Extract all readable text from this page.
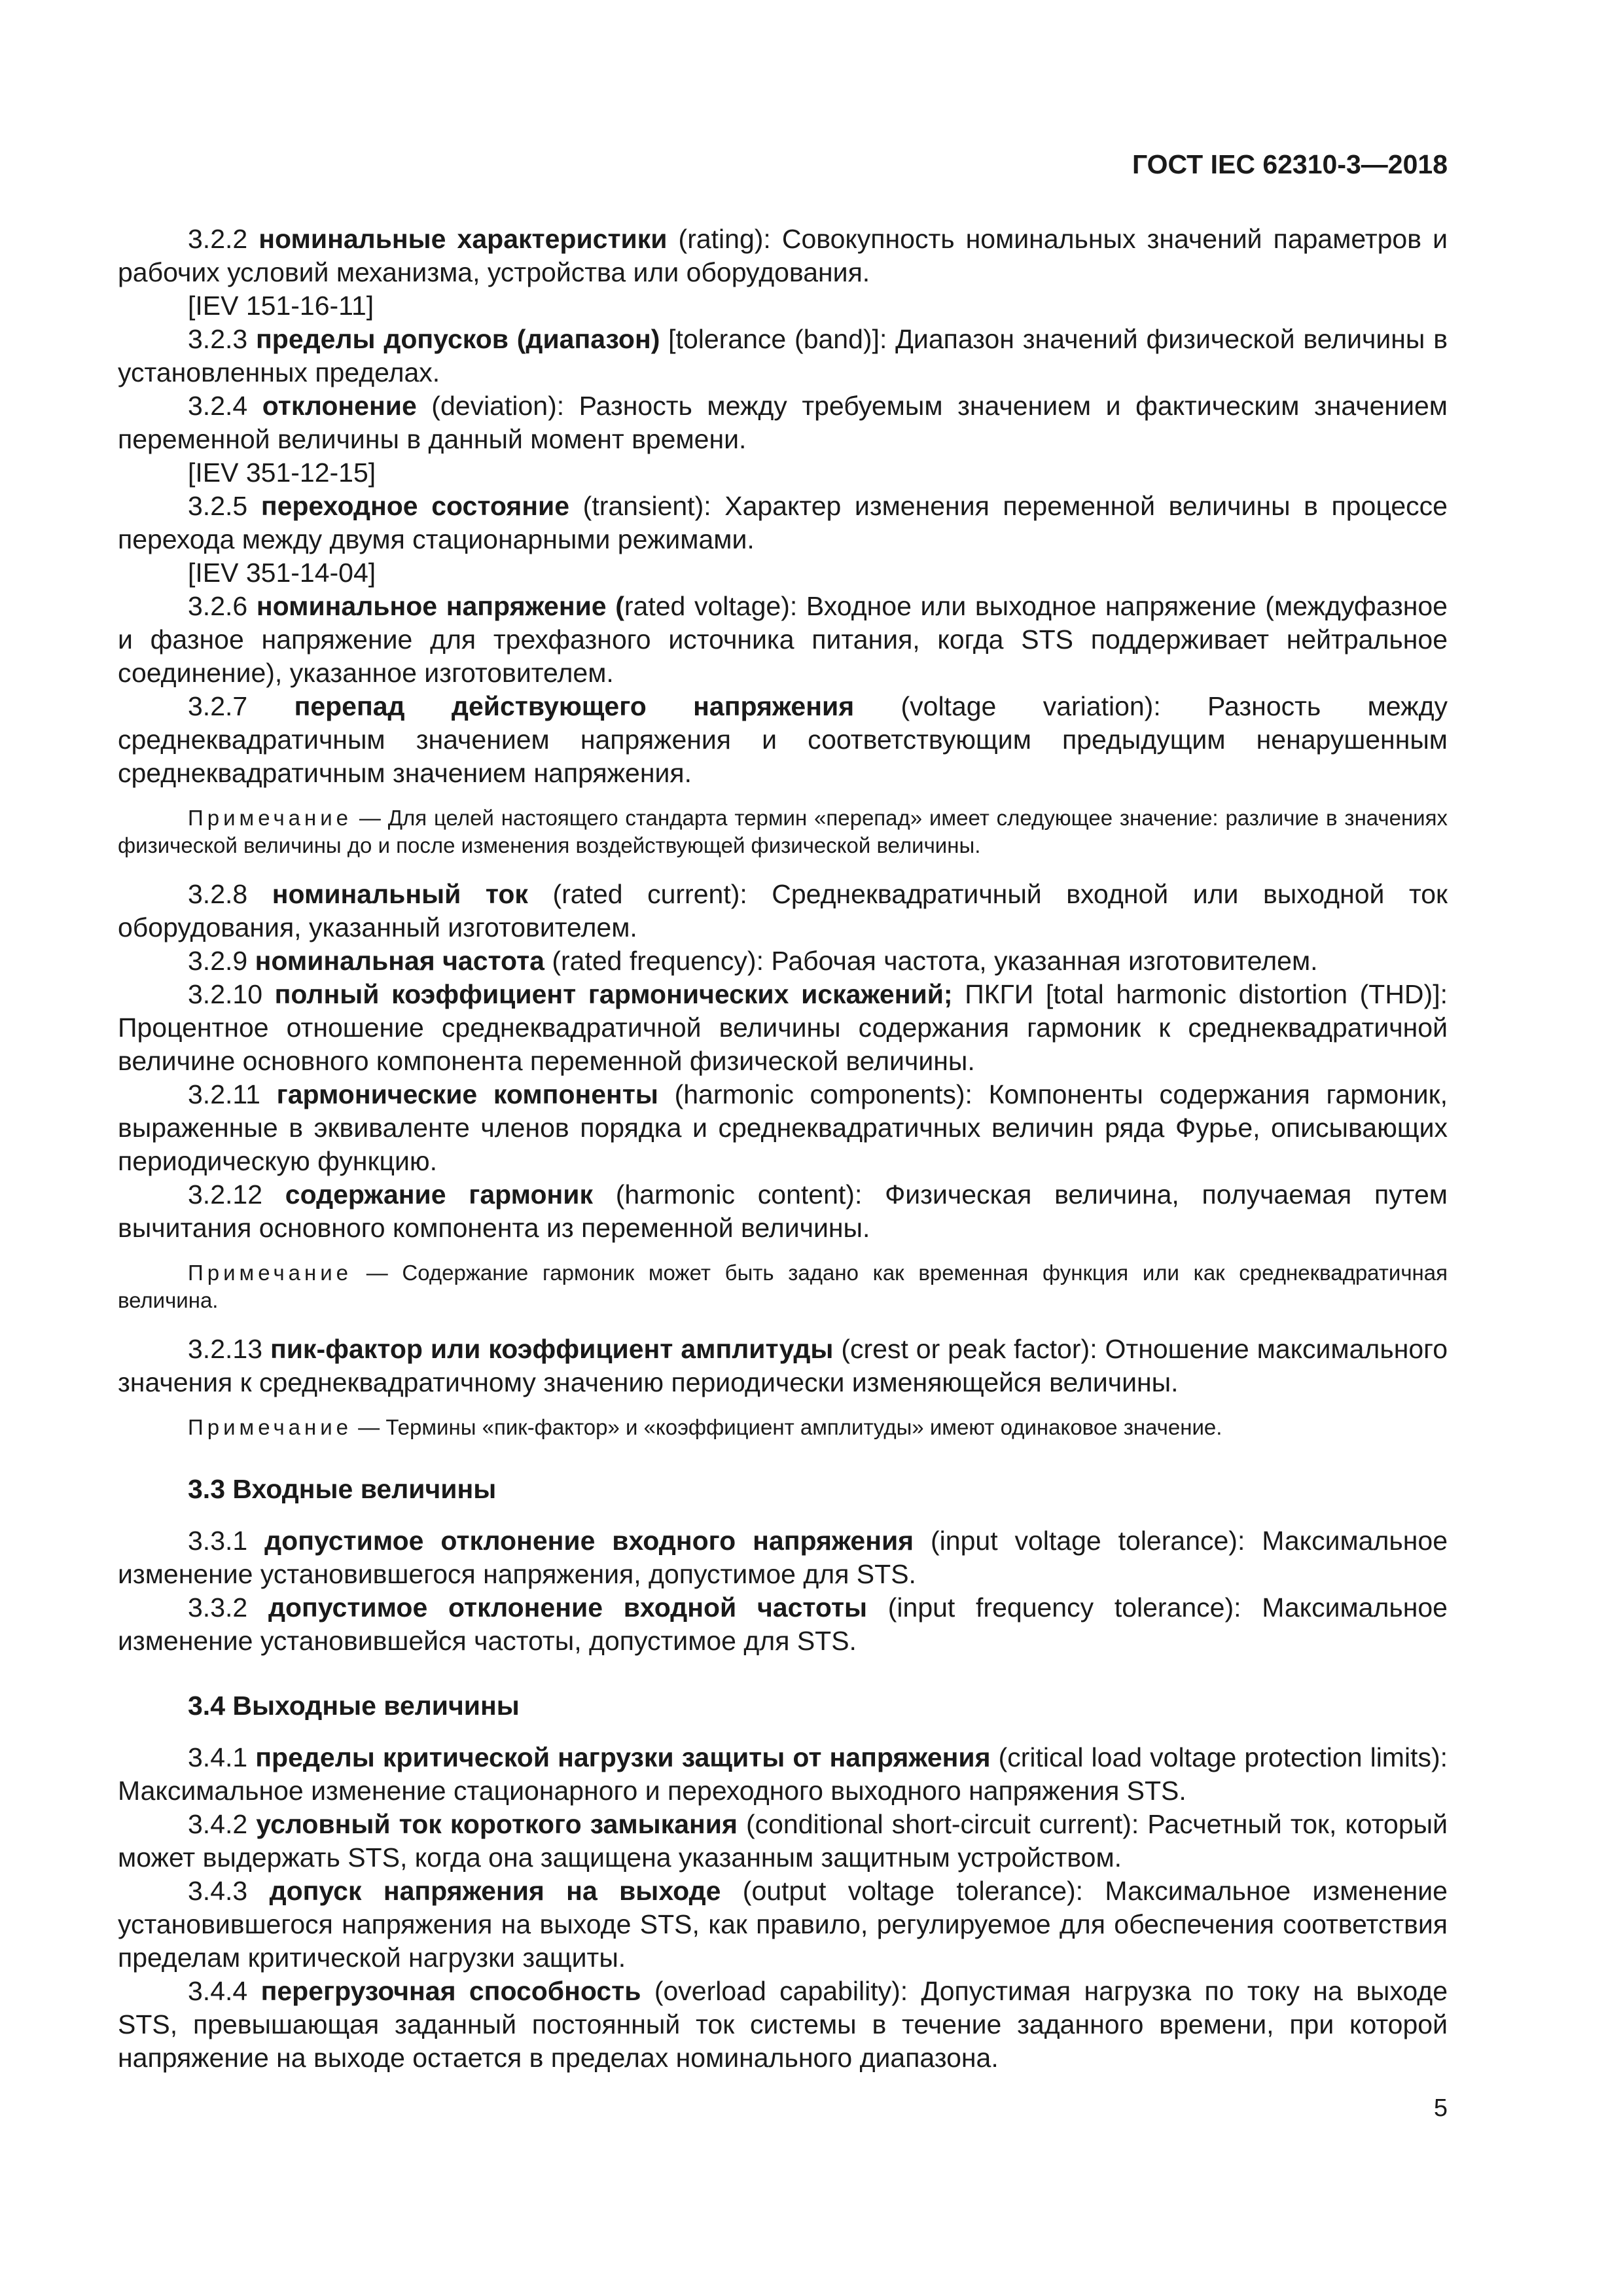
ГОСТ IEC 62310-3—2018

3.2.2 номинальные характеристики (rating): Совокупность номинальных значений параметров и рабочих условий механизма, устройства или оборудования.

[IEV 151-16-11]

3.2.3 пределы допусков (диапазон) [tolerance (band)]: Диапазон значений физической величины в установленных пределах.

3.2.4 отклонение (deviation): Разность между требуемым значением и фактическим значением переменной величины в данный момент времени.

[IEV 351-12-15]

3.2.5 переходное состояние (transient): Характер изменения переменной величины в процессе перехода между двумя стационарными режимами.

[IEV 351-14-04]

3.2.6 номинальное напряжение (rated voltage): Входное или выходное напряжение (междуфазное и фазное напряжение для трехфазного источника питания, когда STS поддерживает нейтральное соединение), указанное изготовителем.

3.2.7 перепад действующего напряжения (voltage variation): Разность между среднеквадратичным значением напряжения и соответствующим предыдущим ненарушенным среднеквадратичным значением напряжения.

Примечание — Для целей настоящего стандарта термин «перепад» имеет следующее значение: различие в значениях физической величины до и после изменения воздействующей физической величины.

3.2.8 номинальный ток (rated current): Среднеквадратичный входной или выходной ток оборудования, указанный изготовителем.

3.2.9 номинальная частота (rated frequency): Рабочая частота, указанная изготовителем.

3.2.10 полный коэффициент гармонических искажений; ПКГИ [total harmonic distortion (THD)]: Процентное отношение среднеквадратичной величины содержания гармоник к среднеквадратичной величине основного компонента переменной физической величины.

3.2.11 гармонические компоненты (harmonic components): Компоненты содержания гармоник, выраженные в эквиваленте членов порядка и среднеквадратичных величин ряда Фурье, описывающих периодическую функцию.

3.2.12 содержание гармоник (harmonic content): Физическая величина, получаемая путем вычитания основного компонента из переменной величины.

Примечание — Содержание гармоник может быть задано как временная функция или как среднеквадратичная величина.

3.2.13 пик-фактор или коэффициент амплитуды (crest or peak factor): Отношение максимального значения к среднеквадратичному значению периодически изменяющейся величины.

Примечание — Термины «пик-фактор» и «коэффициент амплитуды» имеют одинаковое значение.

3.3 Входные величины

3.3.1 допустимое отклонение входного напряжения (input voltage tolerance): Максимальное изменение установившегося напряжения, допустимое для STS.

3.3.2 допустимое отклонение входной частоты (input frequency tolerance): Максимальное изменение установившейся частоты, допустимое для STS.

3.4 Выходные величины

3.4.1 пределы критической нагрузки защиты от напряжения (critical load voltage protection limits): Максимальное изменение стационарного и переходного выходного напряжения STS.

3.4.2 условный ток короткого замыкания (conditional short-circuit current): Расчетный ток, который может выдержать STS, когда она защищена указанным защитным устройством.

3.4.3 допуск напряжения на выходе (output voltage tolerance): Максимальное изменение установившегося напряжения на выходе STS, как правило, регулируемое для обеспечения соответствия пределам критической нагрузки защиты.

3.4.4 перегрузочная способность (overload capability): Допустимая нагрузка по току на выходе STS, превышающая заданный постоянный ток системы в течение заданного времени, при которой напряжение на выходе остается в пределах номинального диапазона.

5
